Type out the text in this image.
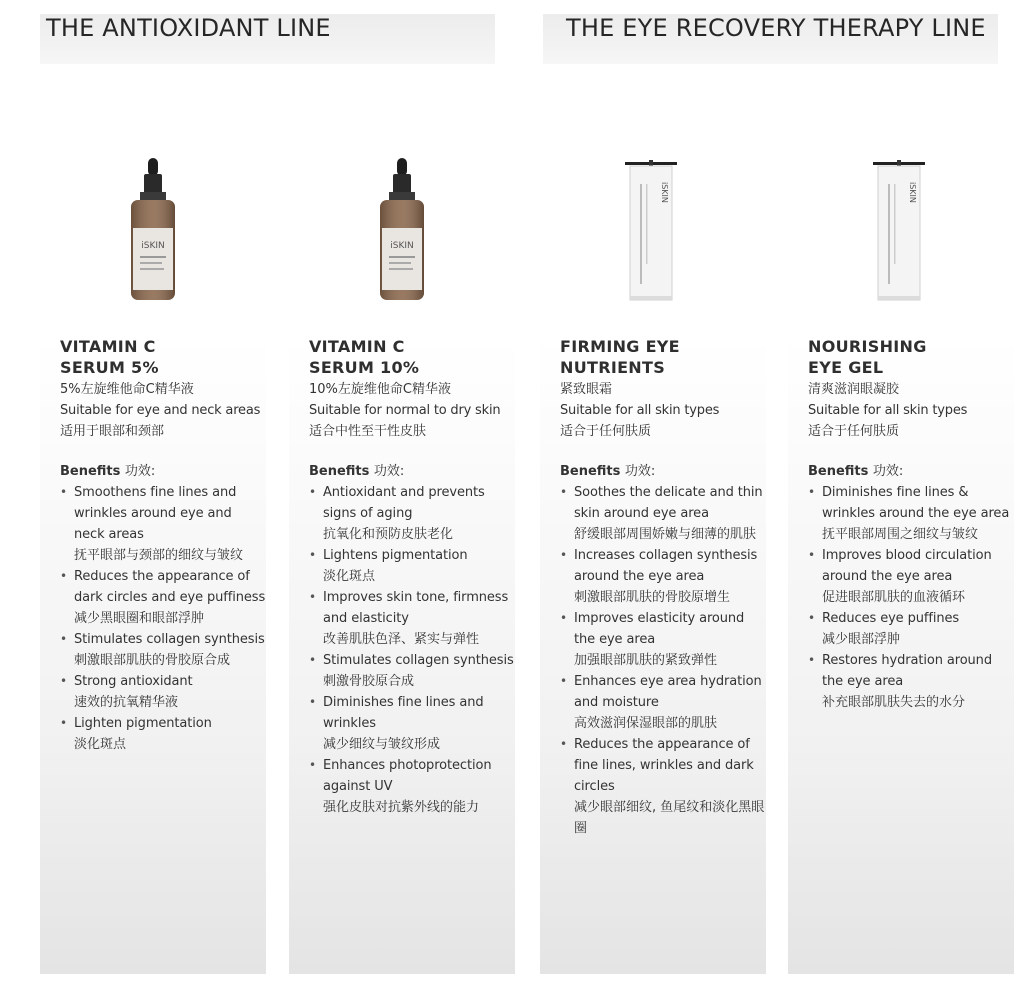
THE ANTIOXIDANT LINE	THE EYE RECOVERY THERAPY LINE
iSKIN
VITAMIN C
SERUM 5%
5%左旋维他命C精华液
Suitable for eye and neck areas
适用于眼部和颈部
Benefits 功效:
• Smoothens fine lines and wrinkles around eye and neck areas
抚平眼部与颈部的细纹与皱纹
• Reduces the appearance of dark circles and eye puffiness
减少黑眼圈和眼部浮肿
• Stimulates collagen synthesis
刺激眼部肌肤的骨胶原合成
• Strong antioxidant
速效的抗氧精华液
• Lighten pigmentation
淡化斑点
iSKIN
VITAMIN C
SERUM 10%
10%左旋维他命C精华液
Suitable for normal to dry skin
适合中性至干性皮肤
Benefits 功效:
• Antioxidant and prevents signs of aging
抗氧化和预防皮肤老化
• Lightens pigmentation
淡化斑点
• Improves skin tone, firmness and elasticity
改善肌肤色泽、紧实与弹性
• Stimulates collagen synthesis
刺激骨胶原合成
• Diminishes fine lines and wrinkles
减少细纹与皱纹形成
• Enhances photoprotection against UV
强化皮肤对抗紫外线的能力
iSKIN
FIRMING EYE
NUTRIENTS
紧致眼霜
Suitable for all skin types
适合于任何肤质
Benefits 功效:
• Soothes the delicate and thin skin around eye area
舒缓眼部周围娇嫩与细薄的肌肤
• Increases collagen synthesis around the eye area
刺激眼部肌肤的骨胶原增生
• Improves elasticity around the eye area
加强眼部肌肤的紧致弹性
• Enhances eye area hydration and moisture
高效滋润保湿眼部的肌肤
• Reduces the appearance of fine lines, wrinkles and dark circles
减少眼部细纹, 鱼尾纹和淡化黑眼圈
iSKIN
NOURISHING
EYE GEL
清爽滋润眼凝胶
Suitable for all skin types
适合于任何肤质
Benefits 功效:
• Diminishes fine lines & wrinkles around the eye area
抚平眼部周围之细纹与皱纹
• Improves blood circulation around the eye area
促进眼部肌肤的血液循环
• Reduces eye puffines
减少眼部浮肿
• Restores hydration around the eye area
补充眼部肌肤失去的水分
